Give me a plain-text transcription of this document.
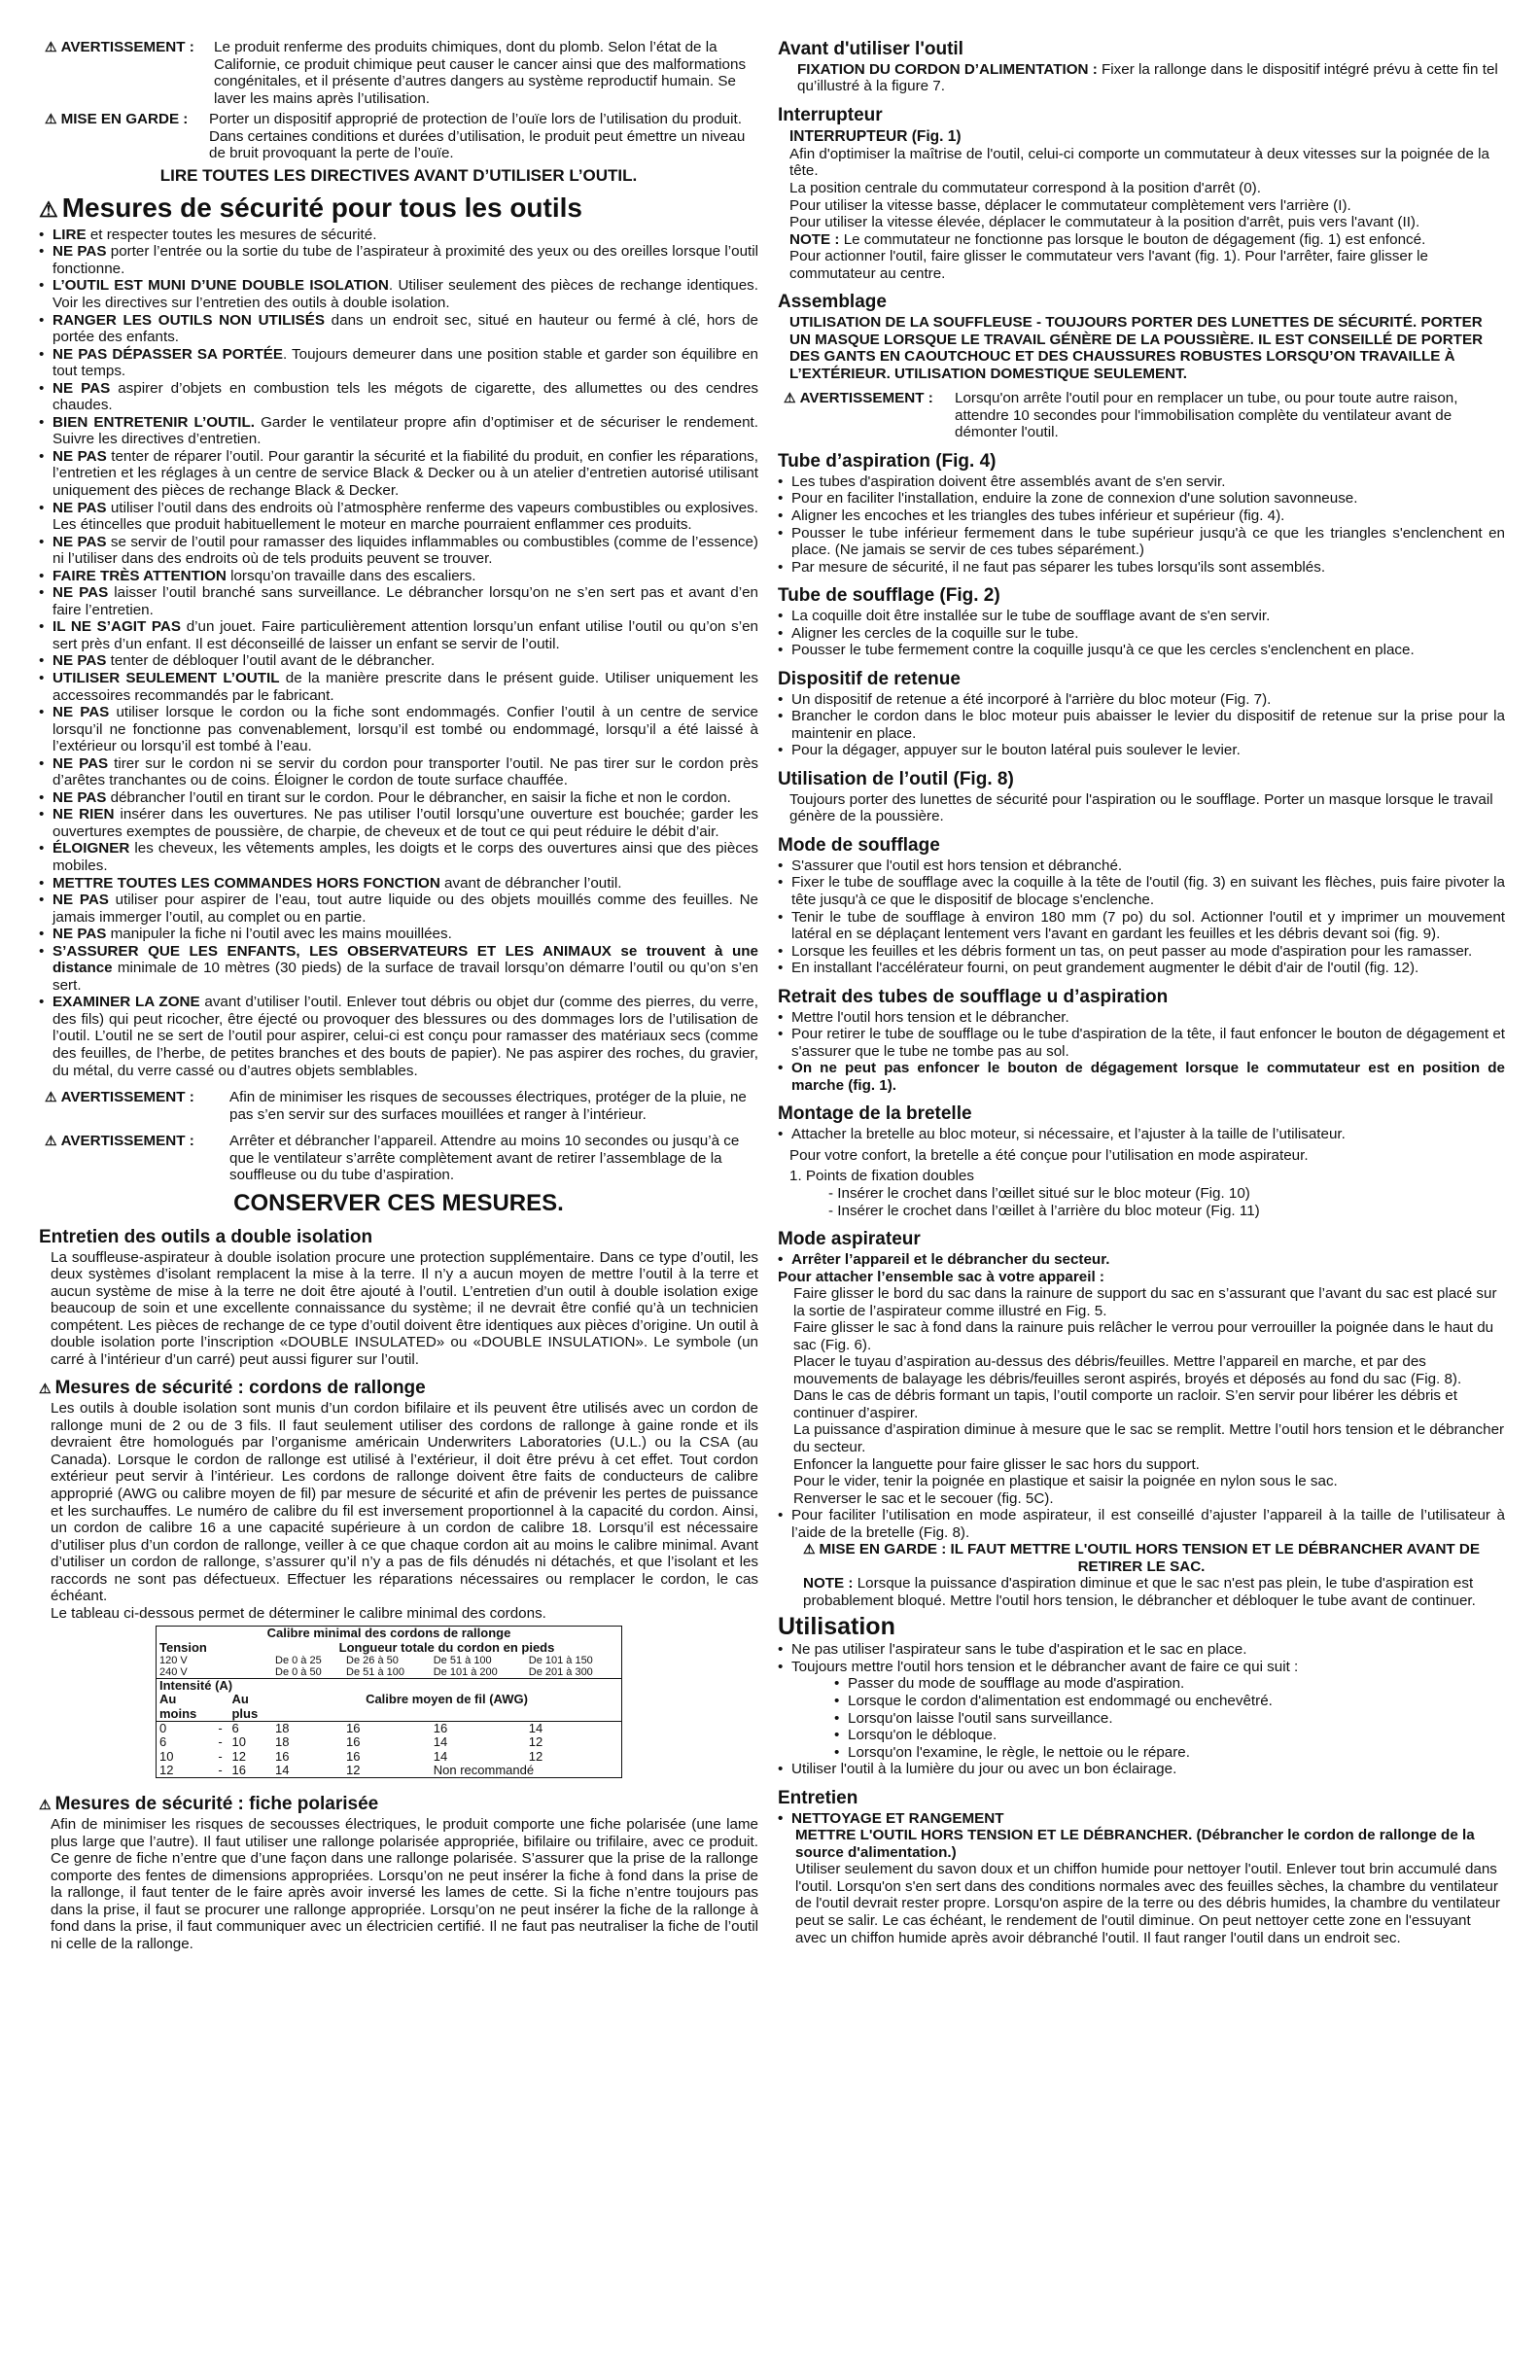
⚠ AVERTISSEMENT : Le produit renferme des produits chimiques, dont du plomb. Selon l’état de la Californie, ce produit chimique peut causer le cancer ainsi que des malformations congénitales, et il présente d’autres dangers au système reproductif humain. Se laver les mains après l’utilisation.
⚠ MISE EN GARDE : Porter un dispositif approprié de protection de l’ouïe lors de l’utilisation du produit. Dans certaines conditions et durées d’utilisation, le produit peut émettre un niveau de bruit provoquant la perte de l’ouïe.
LIRE TOUTES LES DIRECTIVES AVANT D’UTILISER L’OUTIL.
⚠ Mesures de sécurité pour tous les outils
• LIRE et respecter toutes les mesures de sécurité.
• NE PAS porter l’entrée ou la sortie du tube de l’aspirateur à proximité des yeux ou des oreilles lorsque l’outil fonctionne.
• L’OUTIL EST MUNI D’UNE DOUBLE ISOLATION. Utiliser seulement des pièces de rechange identiques. Voir les directives sur l’entretien des outils à double isolation.
• RANGER LES OUTILS NON UTILISÉS dans un endroit sec, situé en hauteur ou fermé à clé, hors de portée des enfants.
• NE PAS DÉPASSER SA PORTÉE. Toujours demeurer dans une position stable et garder son équilibre en tout temps.
• NE PAS aspirer d’objets en combustion tels les mégots de cigarette, des allumettes ou des cendres chaudes.
• BIEN ENTRETENIR L’OUTIL. Garder le ventilateur propre afin d’optimiser et de sécuriser le rendement. Suivre les directives d’entretien.
• NE PAS tenter de réparer l’outil. Pour garantir la sécurité et la fiabilité du produit, en confier les réparations, l’entretien et les réglages à un centre de service Black & Decker ou à un atelier d’entretien autorisé utilisant uniquement des pièces de rechange Black & Decker.
• NE PAS utiliser l’outil dans des endroits où l’atmosphère renferme des vapeurs combustibles ou explosives. Les étincelles que produit habituellement le moteur en marche pourraient enflammer ces produits.
• NE PAS se servir de l’outil pour ramasser des liquides inflammables ou combustibles (comme de l’essence) ni l’utiliser dans des endroits où de tels produits peuvent se trouver.
• FAIRE TRÈS ATTENTION lorsqu’on travaille dans des escaliers.
• NE PAS laisser l’outil branché sans surveillance. Le débrancher lorsqu’on ne s’en sert pas et avant d’en faire l’entretien.
• IL NE S’AGIT PAS d’un jouet. Faire particulièrement attention lorsqu’un enfant utilise l’outil ou qu’on s’en sert près d’un enfant. Il est déconseillé de laisser un enfant se servir de l’outil.
• NE PAS tenter de débloquer l’outil avant de le débrancher.
• UTILISER SEULEMENT L’OUTIL de la manière prescrite dans le présent guide. Utiliser uniquement les accessoires recommandés par le fabricant.
• NE PAS utiliser lorsque le cordon ou la fiche sont endommagés. Confier l’outil à un centre de service lorsqu’il ne fonctionne pas convenablement, lorsqu’il est tombé ou endommagé, lorsqu’il a été laissé à l’extérieur ou lorsqu’il est tombé à l’eau.
• NE PAS tirer sur le cordon ni se servir du cordon pour transporter l’outil. Ne pas tirer sur le cordon près d’arêtes tranchantes ou de coins. Éloigner le cordon de toute surface chauffée.
• NE PAS débrancher l’outil en tirant sur le cordon. Pour le débrancher, en saisir la fiche et non le cordon.
• NE RIEN insérer dans les ouvertures. Ne pas utiliser l’outil lorsqu’une ouverture est bouchée; garder les ouvertures exemptes de poussière, de charpie, de cheveux et de tout ce qui peut réduire le débit d’air.
• ÉLOIGNER les cheveux, les vêtements amples, les doigts et le corps des ouvertures ainsi que des pièces mobiles.
• METTRE TOUTES LES COMMANDES HORS FONCTION avant de débrancher l’outil.
• NE PAS utiliser pour aspirer de l’eau, tout autre liquide ou des objets mouillés comme des feuilles. Ne jamais immerger l’outil, au complet ou en partie.
• NE PAS manipuler la fiche ni l’outil avec les mains mouillées.
• S’ASSURER QUE LES ENFANTS, LES OBSERVATEURS ET LES ANIMAUX se trouvent à une distance minimale de 10 mètres (30 pieds) de la surface de travail lorsqu’on démarre l’outil ou qu’on s’en sert.
• EXAMINER LA ZONE avant d’utiliser l’outil. Enlever tout débris ou objet dur (comme des pierres, du verre, des fils) qui peut ricocher, être éjecté ou provoquer des blessures ou des dommages lors de l’utilisation de l’outil. L’outil ne se sert de l’outil pour aspirer, celui-ci est conçu pour ramasser des matériaux secs (comme des feuilles, de l’herbe, de petites branches et des bouts de papier). Ne pas aspirer des roches, du gravier, du métal, du verre cassé ou d’autres objets semblables.
⚠ AVERTISSEMENT :	Afin de minimiser les risques de secousses électriques, protéger de la pluie, ne pas s’en servir sur des surfaces mouillées et ranger à l’intérieur.
⚠ AVERTISSEMENT :	Arrêter et débrancher l’appareil. Attendre au moins 10 secondes ou jusqu’à ce que le ventilateur s’arrête complètement avant de retirer l’assemblage de la souffleuse ou du tube d’aspiration.
CONSERVER CES MESURES.
Entretien des outils a double isolation

La souffleuse-aspirateur à double isolation procure une protection supplémentaire. Dans ce type d’outil, les deux systèmes d’isolant remplacent la mise à la terre. Il n’y a aucun moyen de mettre l’outil à la terre et aucun système de mise à la terre ne doit être ajouté à l’outil. L’entretien d’un outil à double isolation exige beaucoup de soin et une excellente connaissance du système; il ne devrait être confié qu’à un technicien compétent. Les pièces de rechange de ce type d’outil doivent être identiques aux pièces d’origine. Un outil à double isolation porte l’inscription «DOUBLE INSULATED» ou «DOUBLE INSULATION». Le symbole (un carré à l’intérieur d’un carré) peut aussi figurer sur l’outil.

⚠ Mesures de sécurité : cordons de rallonge

Les outils à double isolation sont munis d’un cordon bifilaire et ils peuvent être utilisés avec un cordon de rallonge muni de 2 ou de 3 fils. Il faut seulement utiliser des cordons de rallonge à gaine ronde et ils devraient être homologués par l’organisme américain Underwriters Laboratories (U.L.) ou la CSA (au Canada). Lorsque le cordon de rallonge est utilisé à l’extérieur, il doit être prévu à cet effet. Tout cordon extérieur peut servir à l’intérieur. Les cordons de rallonge doivent être faits de conducteurs de calibre approprié (AWG ou calibre moyen de fil) par mesure de sécurité et afin de prévenir les pertes de puissance et les surchauffes. Le numéro de calibre du fil est inversement proportionnel à la capacité du cordon. Ainsi, un cordon de calibre 16 a une capacité supérieure à un cordon de calibre 18. Lorsqu’il est nécessaire d’utiliser plus d’un cordon de rallonge, veiller à ce que chaque cordon ait au moins le calibre minimal. Avant d’utiliser un cordon de rallonge, s’assurer qu’il n’y a pas de fils dénudés ni détachés, et que l’isolant et les raccords ne sont pas défectueux. Effectuer les réparations nécessaires ou remplacer le cordon, le cas échéant.

Le tableau ci-dessous permet de déterminer le calibre minimal des cordons.

Calibre minimal des cordons de rallonge						
Tension			Longueur totale du cordon en pieds			
120 V			De 0 à 25	De 26 à 50	De 51 à 100	De 101 à 150
240 V			De 0 à 50	De 51 à 100	De 101 à 200	De 201 à 300
Intensité (A)						
Au		Au	Calibre moyen de fil (AWG)			
moins		plus				
0	-	6	18	16	16	14
6	-	10	18	16	14	12
10	-	12	16	16	14	12
12	-	16	14	12	Non recommandé	
⚠ Mesures de sécurité : fiche polarisée

Afin de minimiser les risques de secousses électriques, le produit comporte une fiche polarisée (une lame plus large que l’autre). Il faut utiliser une rallonge polarisée appropriée, bifilaire ou trifilaire, avec ce produit. Ce genre de fiche n’entre que d’une façon dans une rallonge polarisée. S’assurer que la prise de la rallonge comporte des fentes de dimensions appropriées. Lorsqu’on ne peut insérer la fiche à fond dans la prise de la rallonge, il faut tenter de le faire après avoir inversé les lames de cette. Si la fiche n’entre toujours pas dans la prise, il faut se procurer une rallonge appropriée. Lorsqu’on ne peut insérer la fiche de la rallonge à fond dans la prise, il faut communiquer avec un électricien certifié. Il ne faut pas neutraliser la fiche de l’outil ni celle de la rallonge.

Avant d'utiliser l'outil

FIXATION DU CORDON D’ALIMENTATION : Fixer la rallonge dans le dispositif intégré prévu à cette fin tel qu’illustré à la figure 7.

Interrupteur
INTERRUPTEUR (Fig. 1)

Afin d'optimiser la maîtrise de l'outil, celui-ci comporte un commutateur à deux vitesses sur la poignée de la tête.

La position centrale du commutateur correspond à la position d'arrêt (0).

Pour utiliser la vitesse basse, déplacer le commutateur complètement vers l'arrière (I).

Pour utiliser la vitesse élevée, déplacer le commutateur à la position d'arrêt, puis vers l'avant (II).

NOTE : Le commutateur ne fonctionne pas lorsque le bouton de dégagement (fig. 1) est enfoncé.

Pour actionner l'outil, faire glisser le commutateur vers l'avant (fig. 1). Pour l'arrêter, faire glisser le commutateur au centre.

Assemblage

UTILISATION DE LA SOUFFLEUSE - TOUJOURS PORTER DES LUNETTES DE SÉCURITÉ. PORTER UN MASQUE LORSQUE LE TRAVAIL GÉNÈRE DE LA POUSSIÈRE. IL EST CONSEILLÉ DE PORTER DES GANTS EN CAOUTCHOUC ET DES CHAUSSURES ROBUSTES LORSQU’ON TRAVAILLE À L’EXTÉRIEUR. UTILISATION DOMESTIQUE SEULEMENT.

⚠ AVERTISSEMENT : Lorsqu'on arrête l'outil pour en remplacer un tube, ou pour toute autre raison, attendre 10 secondes pour l'immobilisation complète du ventilateur avant de démonter l'outil.
Tube d’aspiration (Fig. 4)
• Les tubes d'aspiration doivent être assemblés avant de s'en servir.
• Pour en faciliter l'installation, enduire la zone de connexion d'une solution savonneuse.
• Aligner les encoches et les triangles des tubes inférieur et supérieur (fig. 4).
• Pousser le tube inférieur fermement dans le tube supérieur jusqu'à ce que les triangles s'enclenchent en place. (Ne jamais se servir de ces tubes séparément.)
• Par mesure de sécurité, il ne faut pas séparer les tubes lorsqu'ils sont assemblés.
Tube de soufflage (Fig. 2)
• La coquille doit être installée sur le tube de soufflage avant de s'en servir.
• Aligner les cercles de la coquille sur le tube.
• Pousser le tube fermement contre la coquille jusqu'à ce que les cercles s'enclenchent en place.
Dispositif de retenue
• Un dispositif de retenue a été incorporé à l'arrière du bloc moteur (Fig. 7).
• Brancher le cordon dans le bloc moteur puis abaisser le levier du dispositif de retenue sur la prise pour la maintenir en place.
• Pour la dégager, appuyer sur le bouton latéral puis soulever le levier.
Utilisation de l’outil (Fig. 8)

Toujours porter des lunettes de sécurité pour l'aspiration ou le soufflage. Porter un masque lorsque le travail génère de la poussière.

Mode de soufflage
• S'assurer que l'outil est hors tension et débranché.
• Fixer le tube de soufflage avec la coquille à la tête de l'outil (fig. 3) en suivant les flèches, puis faire pivoter la tête jusqu'à ce que le dispositif de blocage s'enclenche.
• Tenir le tube de soufflage à environ 180 mm (7 po) du sol. Actionner l'outil et y imprimer un mouvement latéral en se déplaçant lentement vers l'avant en gardant les feuilles et les débris devant soi (fig. 9).
• Lorsque les feuilles et les débris forment un tas, on peut passer au mode d'aspiration pour les ramasser.
• En installant l'accélérateur fourni, on peut grandement augmenter le débit d'air de l'outil (fig. 12).
Retrait des tubes de soufflage u d’aspiration
• Mettre l'outil hors tension et le débrancher.
• Pour retirer le tube de soufflage ou le tube d'aspiration de la tête, il faut enfoncer le bouton de dégagement et s'assurer que le tube ne tombe pas au sol.
• On ne peut pas enfoncer le bouton de dégagement lorsque le commutateur est en position de marche (fig. 1).
Montage de la bretelle
• Attacher la bretelle au bloc moteur, si nécessaire, et l’ajuster à la taille de l’utilisateur.

Pour votre confort, la bretelle a été conçue pour l’utilisation en mode aspirateur.

1. Points de fixation doubles

- Insérer le crochet dans l’œillet situé sur le bloc moteur (Fig. 10)

- Insérer le crochet dans l’œillet à l’arrière du bloc moteur (Fig. 11)

Mode aspirateur
• Arrêter l’appareil et le débrancher du secteur.

Pour attacher l’ensemble sac à votre appareil :

Faire glisser le bord du sac dans la rainure de support du sac en s’assurant que l’avant du sac est placé sur la sortie de l’aspirateur comme illustré en Fig. 5.

Faire glisser le sac à fond dans la rainure puis relâcher le verrou pour verrouiller la poignée dans le haut du sac (Fig. 6).

Placer le tuyau d’aspiration au-dessus des débris/feuilles. Mettre l’appareil en marche, et par des mouvements de balayage les débris/feuilles seront aspirés, broyés et déposés au fond du sac (Fig. 8).

Dans le cas de débris formant un tapis, l’outil comporte un racloir. S’en servir pour libérer les débris et continuer d’aspirer.

La puissance d’aspiration diminue à mesure que le sac se remplit. Mettre l’outil hors tension et le débrancher du secteur.

Enfoncer la languette pour faire glisser le sac hors du support.

Pour le vider, tenir la poignée en plastique et saisir la poignée en nylon sous le sac.

Renverser le sac et le secouer (fig. 5C).

• Pour faciliter l’utilisation en mode aspirateur, il est conseillé d’ajuster l’appareil à la taille de l’utilisateur à l’aide de la bretelle (Fig. 8).

⚠ MISE EN GARDE : IL FAUT METTRE L'OUTIL HORS TENSION ET LE DÉBRANCHER AVANT DE RETIRER LE SAC.

NOTE : Lorsque la puissance d'aspiration diminue et que le sac n'est pas plein, le tube d'aspiration est probablement bloqué. Mettre l'outil hors tension, le débrancher et débloquer le tube avant de continuer.

Utilisation
• Ne pas utiliser l'aspirateur sans le tube d'aspiration et le sac en place.
• Toujours mettre l'outil hors tension et le débrancher avant de faire ce qui suit :
• Passer du mode de soufflage au mode d'aspiration.
• Lorsque le cordon d'alimentation est endommagé ou enchevêtré.
• Lorsqu'on laisse l'outil sans surveillance.
• Lorsqu'on le débloque.
• Lorsqu'on l'examine, le règle, le nettoie ou le répare.
• Utiliser l'outil à la lumière du jour ou avec un bon éclairage.
Entretien
• NETTOYAGE ET RANGEMENT

METTRE L'OUTIL HORS TENSION ET LE DÉBRANCHER. (Débrancher le cordon de rallonge de la source d'alimentation.)

Utiliser seulement du savon doux et un chiffon humide pour nettoyer l'outil. Enlever tout brin accumulé dans l'outil. Lorsqu'on s'en sert dans des conditions normales avec des feuilles sèches, la chambre du ventilateur de l'outil devrait rester propre. Lorsqu'on aspire de la terre ou des débris humides, la chambre du ventilateur peut se salir. Le cas échéant, le rendement de l'outil diminue. On peut nettoyer cette zone en l'essuyant avec un chiffon humide après avoir débranché l'outil. Il faut ranger l'outil dans un endroit sec.
